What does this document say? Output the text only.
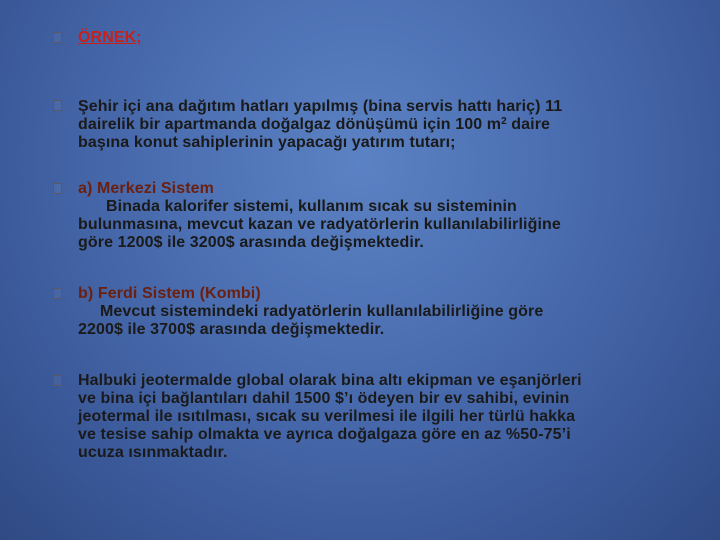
ÖRNEK;
Şehir içi ana dağıtım hatları yapılmış (bina servis hattı hariç) 11
dairelik bir apartmanda doğalgaz dönüşümü için 100 $m^2$ daire
başına konut sahiplerinin yapacağı yatırım tutarı;
a) Merkezi Sistem
Binada kalorifer sistemi, kullanım sıcak su sisteminin
bulunmasına, mevcut kazan ve radyatörlerin kullanılabilirliğine
göre 1200$ ile 3200$ arasında değişmektedir.
b) Ferdi Sistem (Kombi)
Mevcut sistemindeki radyatörlerin kullanılabilirliğine göre
2200$ ile 3700$ arasında değişmektedir.
Halbuki jeotermalde global olarak bina altı ekipman ve eşanjörleri
ve bina içi bağlantıları dahil 1500 $’ı ödeyen bir ev sahibi, evinin
jeotermal ile ısıtılması, sıcak su verilmesi ile ilgili her türlü hakka
ve tesise sahip olmakta ve ayrıca doğalgaza göre en az %50-75’i
ucuza ısınmaktadır.
